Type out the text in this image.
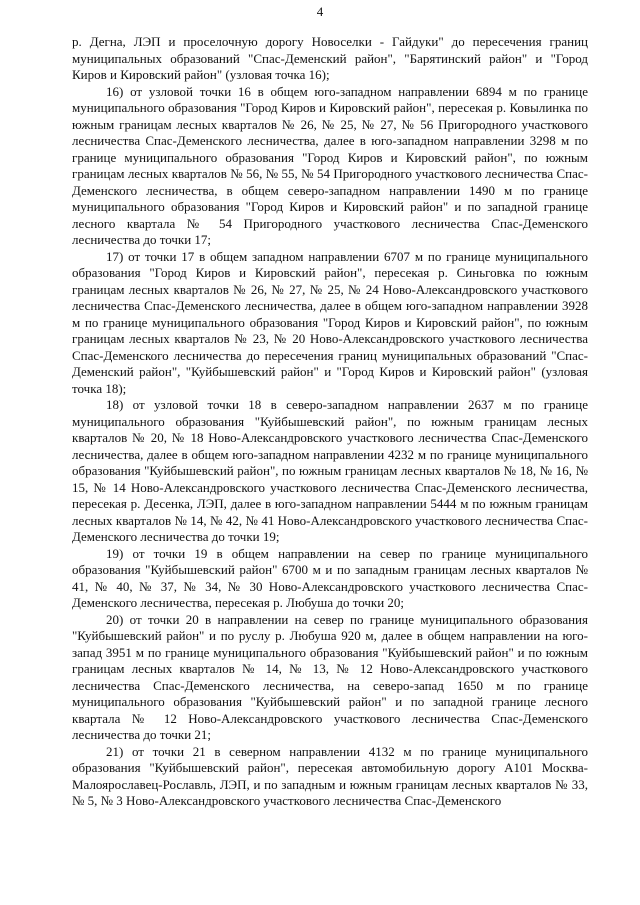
4

р. Дегна, ЛЭП и проселочную дорогу Новоселки - Гайдуки" до пересечения границ муниципальных образований "Спас-Деменский район", "Барятинский район" и "Город Киров и Кировский район" (узловая точка 16);

16) от узловой точки 16 в общем юго-западном направлении 6894 м по границе муниципального образования "Город Киров и Кировский район", пересекая р. Ковылинка по южным границам лесных кварталов № 26, № 25, № 27, № 56 Пригородного участкового лесничества Спас-Деменского лесничества, далее в юго-западном направлении 3298 м по границе муниципального образования "Город Киров и Кировский район", по южным границам лесных кварталов № 56, № 55, № 54 Пригородного участкового лесничества Спас-Деменского лесничества, в общем северо-западном направлении 1490 м по границе муниципального образования "Город Киров и Кировский район" и по западной границе лесного квартала № 54 Пригородного участкового лесничества Спас-Деменского лесничества до точки 17;

17) от точки 17 в общем западном направлении 6707 м по границе муниципального образования "Город Киров и Кировский район", пересекая р. Синьговка по южным границам лесных кварталов № 26, № 27, № 25, № 24 Ново-Александровского участкового лесничества Спас-Деменского лесничества, далее в общем юго-западном направлении 3928 м по границе муниципального образования "Город Киров и Кировский район", по южным границам лесных кварталов № 23, № 20 Ново-Александровского участкового лесничества Спас-Деменского лесничества до пересечения границ муниципальных образований "Спас-Деменский район", "Куйбышевский район" и "Город Киров и Кировский район" (узловая точка 18);

18) от узловой точки 18 в северо-западном направлении 2637 м по границе муниципального образования "Куйбышевский район", по южным границам лесных кварталов № 20, № 18 Ново-Александровского участкового лесничества Спас-Деменского лесничества, далее в общем юго-западном направлении 4232 м по границе муниципального образования "Куйбышевский район", по южным границам лесных кварталов № 18, № 16, № 15, № 14 Ново-Александровского участкового лесничества Спас-Деменского лесничества, пересекая р. Десенка, ЛЭП, далее в юго-западном направлении 5444 м по южным границам лесных кварталов № 14, № 42, № 41 Ново-Александровского участкового лесничества Спас-Деменского лесничества до точки 19;

19) от точки 19 в общем направлении на север по границе муниципального образования "Куйбышевский район" 6700 м и по западным границам лесных кварталов № 41, № 40, № 37, № 34, № 30 Ново-Александровского участкового лесничества Спас-Деменского лесничества, пересекая р. Любуша до точки 20;

20) от точки 20 в направлении на север по границе муниципального образования "Куйбышевский район" и по руслу р. Любуша 920 м, далее в общем направлении на юго-запад 3951 м по границе муниципального образования "Куйбышевский район" и по южным границам лесных кварталов № 14, № 13, № 12 Ново-Александровского участкового лесничества Спас-Деменского лесничества, на северо-запад 1650 м по границе муниципального образования "Куйбышевский район" и по западной границе лесного квартала № 12 Ново-Александровского участкового лесничества Спас-Деменского лесничества до точки 21;

21) от точки 21 в северном направлении 4132 м по границе муниципального образования "Куйбышевский район", пересекая автомобильную дорогу А101 Москва-Малоярославец-Рославль, ЛЭП, и по западным и южным границам лесных кварталов № 33, № 5, № 3 Ново-Александровского участкового лесничества Спас-Деменского
